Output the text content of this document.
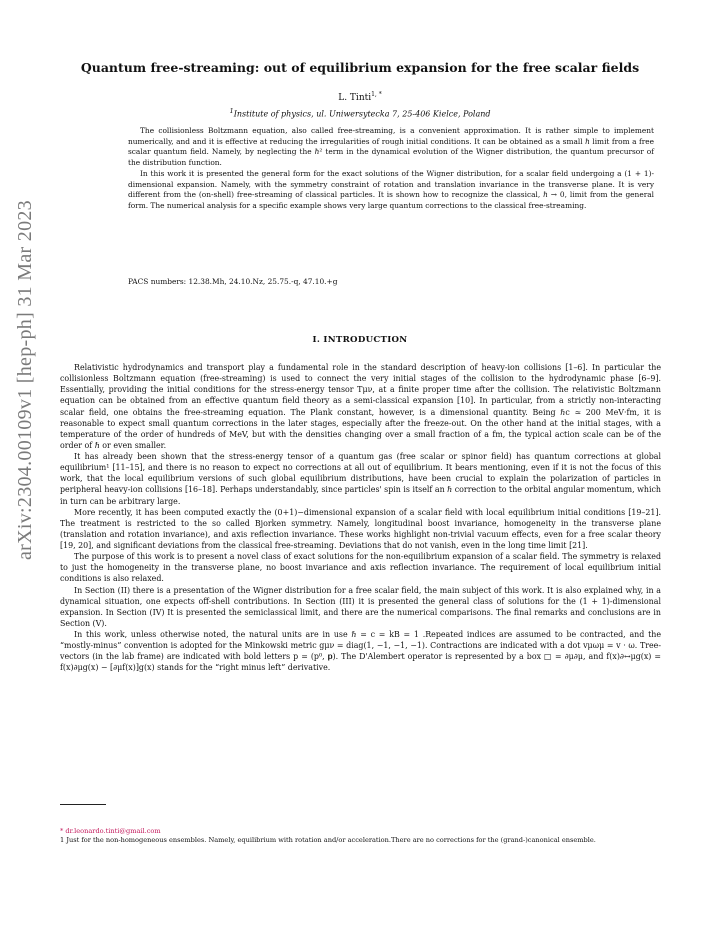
arXiv:2304.00109v1 [hep-ph] 31 Mar 2023
Quantum free-streaming: out of equilibrium expansion for the free scalar fields
L. Tinti$^{1, *}$
$^1$Institute of physics, ul. Uniwersytecka 7, 25-406 Kielce, Poland

The collisionless Boltzmann equation, also called free-streaming, is a convenient approximation. It is rather simple to implement numerically, and and it is effective at reducing the irregularities of rough initial conditions. It can be obtained as a small ℏ limit from a free scalar quantum field. Namely, by neglecting the ℏ² term in the dynamical evolution of the Wigner distribution, the quantum precursor of the distribution function.

In this work it is presented the general form for the exact solutions of the Wigner distribution, for a scalar field undergoing a (1 + 1)-dimensional expansion. Namely, with the symmetry constraint of rotation and translation invariance in the transverse plane. It is very different from the (on-shell) free-streaming of classical particles. It is shown how to recognize the classical, ℏ → 0, limit from the general form. The numerical analysis for a specific example shows very large quantum corrections to the classical free-streaming.

PACS numbers: 12.38.Mh, 24.10.Nz, 25.75.-q, 47.10.+g
I. INTRODUCTION

Relativistic hydrodynamics and transport play a fundamental role in the standard description of heavy-ion collisions [1–6]. In particular the collisionless Boltzmann equation (free-streaming) is used to connect the very initial stages of the collision to the hydrodynamic phase [6–9]. Essentially, providing the initial conditions for the stress-energy tensor Tμν, at a finite proper time after the collision. The relativistic Boltzmann equation can be obtained from an effective quantum field theory as a semi-classical expansion [10]. In particular, from a strictly non-interacting scalar field, one obtains the free-streaming equation. The Plank constant, however, is a dimensional quantity. Being ℏc ≃ 200 MeV·fm, it is reasonable to expect small quantum corrections in the later stages, especially after the freeze-out. On the other hand at the initial stages, with a temperature of the order of hundreds of MeV, but with the densities changing over a small fraction of a fm, the typical action scale can be of the order of ℏ or even smaller.

It has already been shown that the stress-energy tensor of a quantum gas (free scalar or spinor field) has quantum corrections at global equilibrium¹ [11–15], and there is no reason to expect no corrections at all out of equilibrium. It bears mentioning, even if it is not the focus of this work, that the local equilibrium versions of such global equilibrium distributions, have been crucial to explain the polarization of particles in peripheral heavy-ion collisions [16–18]. Perhaps understandably, since particles' spin is itself an ℏ correction to the orbital angular momentum, which in turn can be arbitrary large.

More recently, it has been computed exactly the (0+1)−dimensional expansion of a scalar field with local equilibrium initial conditions [19–21]. The treatment is restricted to the so called Bjorken symmetry. Namely, longitudinal boost invariance, homogeneity in the transverse plane (translation and rotation invariance), and axis reflection invariance. These works highlight non-trivial vacuum effects, even for a free scalar theory [19, 20], and significant deviations from the classical free-streaming. Deviations that do not vanish, even in the long time limit [21].

The purpose of this work is to present a novel class of exact solutions for the non-equilibrium expansion of a scalar field. The symmetry is relaxed to just the homogeneity in the transverse plane, no boost invariance and axis reflection invariance. The requirement of local equilibrium initial conditions is also relaxed.

In Section (II) there is a presentation of the Wigner distribution for a free scalar field, the main subject of this work. It is also explained why, in a dynamical situation, one expects off-shell contributions. In Section (III) it is presented the general class of solutions for the (1 + 1)-dimensional expansion. In Section (IV) It is presented the semiclassical limit, and there are the numerical comparisons. The final remarks and conclusions are in Section (V).

In this work, unless otherwise noted, the natural units are in use ℏ = c = kB = 1 .Repeated indices are assumed to be contracted, and the “mostly-minus” convention is adopted for the Minkowski metric gμν = diag(1, −1, −1, −1). Contractions are indicated with a dot vμωμ = v · ω. Tree-vectors (in the lab frame) are indicated with bold letters p = (p⁰, 𝐩). The D'Alembert operator is represented by a box □ = ∂μ∂μ, and f(x)∂↔μg(x) = f(x)∂μg(x) − [∂μf(x)]g(x) stands for the “right minus left” derivative.

* dr.leonardo.tinti@gmail.com

1 Just for the non-homogeneous ensembles. Namely, equilibrium with rotation and/or acceleration.There are no corrections for the (grand-)canonical ensemble.
